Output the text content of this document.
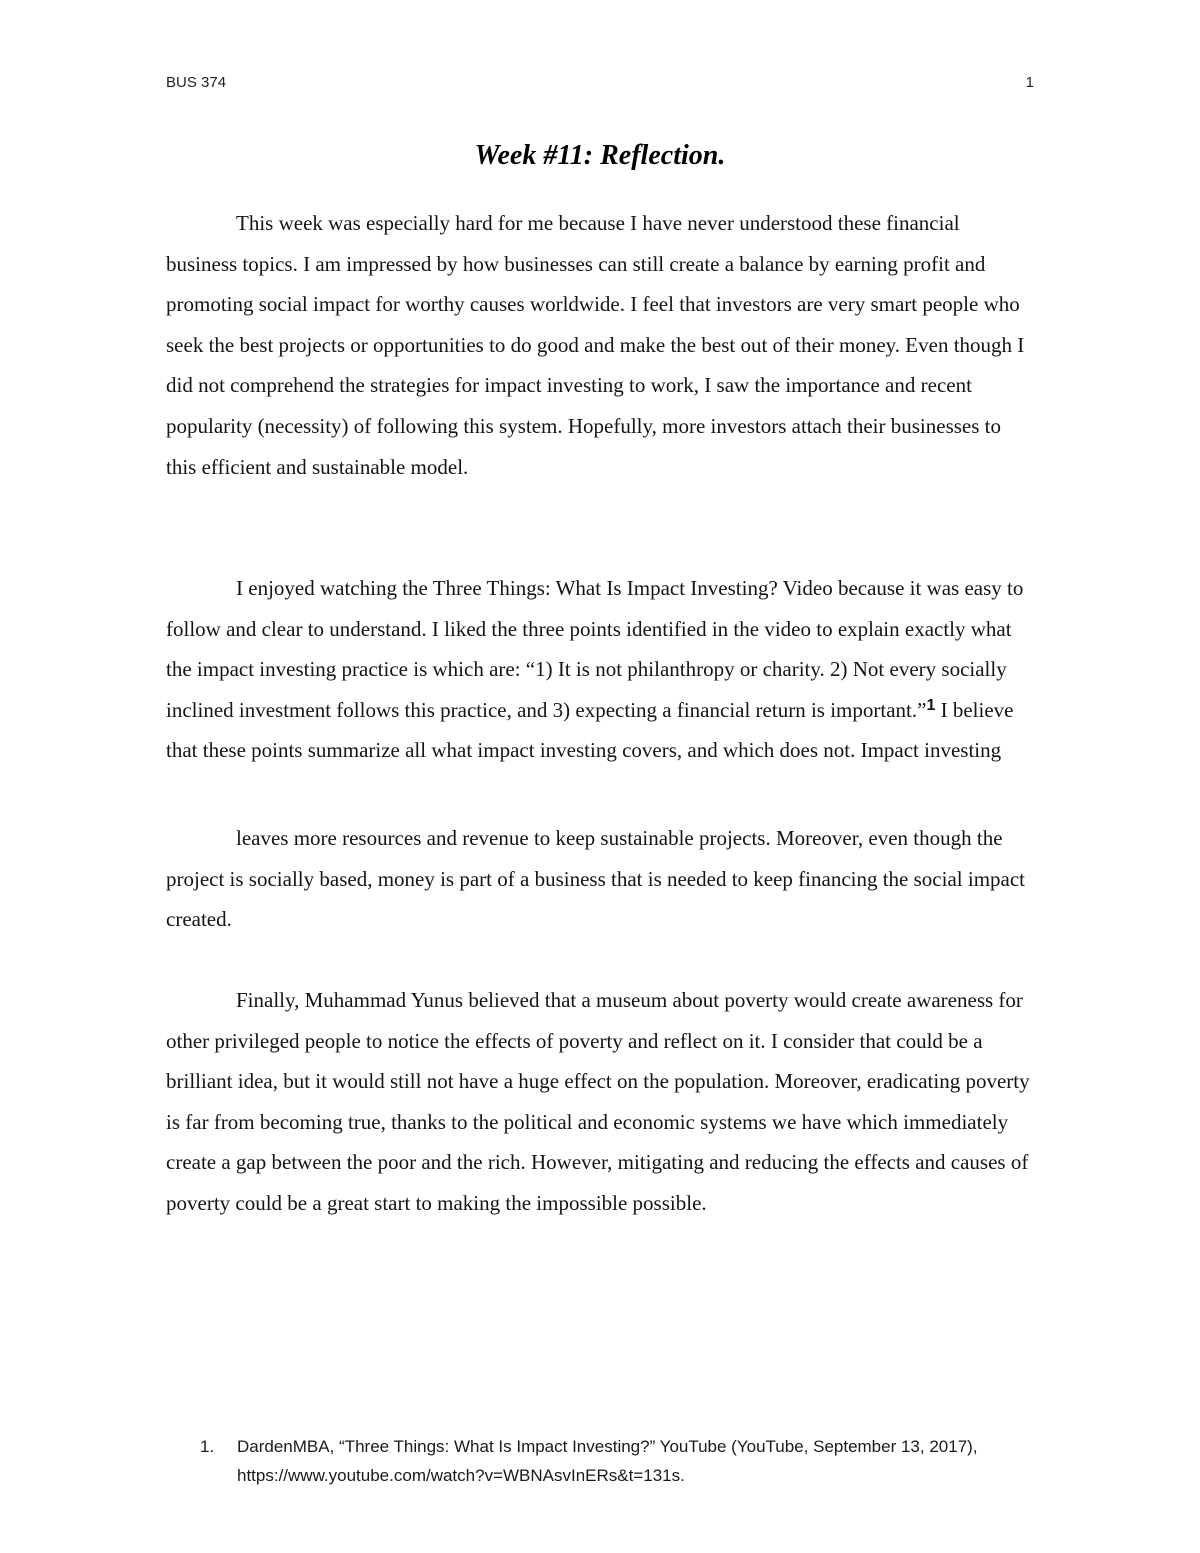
BUS 374	1
Week #11: Reflection.

This week was especially hard for me because I have never understood these financial business topics. I am impressed by how businesses can still create a balance by earning profit and promoting social impact for worthy causes worldwide. I feel that investors are very smart people who seek the best projects or opportunities to do good and make the best out of their money. Even though I did not comprehend the strategies for impact investing to work, I saw the importance and recent popularity (necessity) of following this system. Hopefully, more investors attach their businesses to this efficient and sustainable model.

I enjoyed watching the Three Things: What Is Impact Investing? Video because it was easy to follow and clear to understand. I liked the three points identified in the video to explain exactly what the impact investing practice is which are: “1) It is not philanthropy or charity. 2) Not every socially inclined investment follows this practice, and 3) expecting a financial return is important.”$^1$ I believe that these points summarize all what impact investing covers, and which does not. Impact investing

leaves more resources and revenue to keep sustainable projects. Moreover, even though the project is socially based, money is part of a business that is needed to keep financing the social impact created.

Finally, Muhammad Yunus believed that a museum about poverty would create awareness for other privileged people to notice the effects of poverty and reflect on it. I consider that could be a brilliant idea, but it would still not have a huge effect on the population. Moreover, eradicating poverty is far from becoming true, thanks to the political and economic systems we have which immediately create a gap between the poor and the rich. However, mitigating and reducing the effects and causes of poverty could be a great start to making the impossible possible.

1. DardenMBA, “Three Things: What Is Impact Investing?” YouTube (YouTube, September 13, 2017), https://www.youtube.com/watch?v=WBNAsvInERs&t=131s.
